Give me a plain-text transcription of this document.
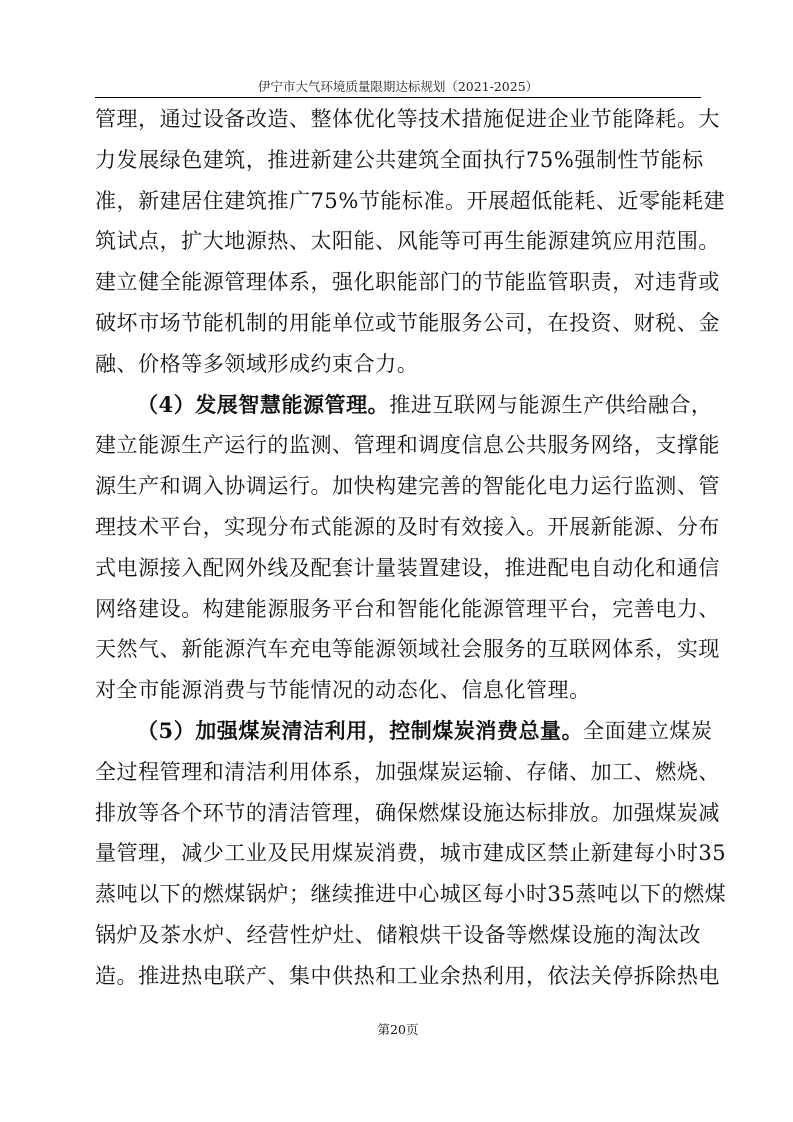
伊宁市大气环境质量限期达标规划（2021-2025）
管理，通过设备改造、整体优化等技术措施促进企业节能降耗。大
力发展绿色建筑，推进新建公共建筑全面执行75%强制性节能标
准，新建居住建筑推广75%节能标准。开展超低能耗、近零能耗建
筑试点，扩大地源热、太阳能、风能等可再生能源建筑应用范围。
建立健全能源管理体系，强化职能部门的节能监管职责，对违背或
破坏市场节能机制的用能单位或节能服务公司，在投资、财税、金
融、价格等多领域形成约束合力。
（4）发展智慧能源管理。推进互联网与能源生产供给融合，
建立能源生产运行的监测、管理和调度信息公共服务网络，支撑能
源生产和调入协调运行。加快构建完善的智能化电力运行监测、管
理技术平台，实现分布式能源的及时有效接入。开展新能源、分布
式电源接入配网外线及配套计量装置建设，推进配电自动化和通信
网络建设。构建能源服务平台和智能化能源管理平台，完善电力、
天然气、新能源汽车充电等能源领域社会服务的互联网体系，实现
对全市能源消费与节能情况的动态化、信息化管理。
（5）加强煤炭清洁利用，控制煤炭消费总量。全面建立煤炭
全过程管理和清洁利用体系，加强煤炭运输、存储、加工、燃烧、
排放等各个环节的清洁管理，确保燃煤设施达标排放。加强煤炭减
量管理，减少工业及民用煤炭消费，城市建成区禁止新建每小时35
蒸吨以下的燃煤锅炉；继续推进中心城区每小时35蒸吨以下的燃煤
锅炉及茶水炉、经营性炉灶、储粮烘干设备等燃煤设施的淘汰改
造。推进热电联产、集中供热和工业余热利用，依法关停拆除热电
第20页
